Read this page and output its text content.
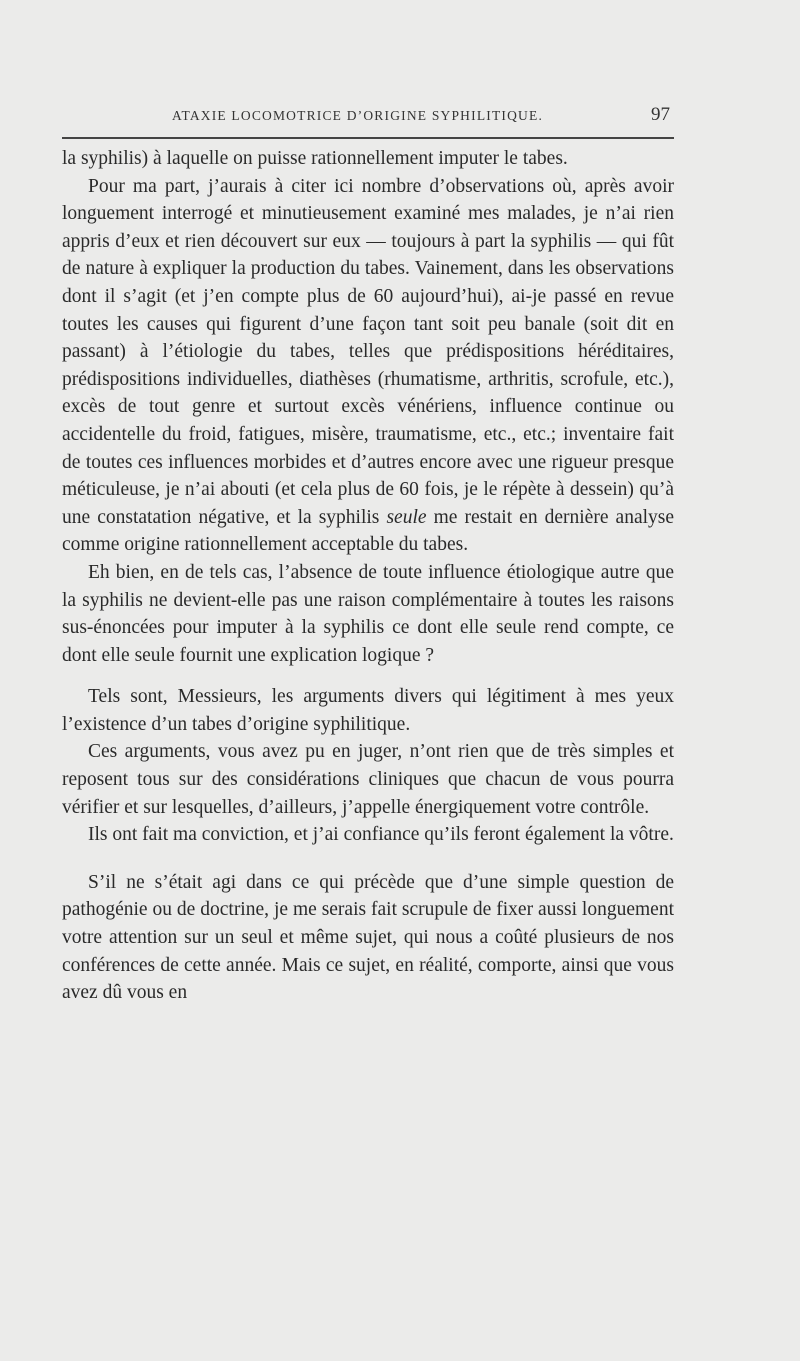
ATAXIE LOCOMOTRICE D’ORIGINE SYPHILITIQUE.	97

la syphilis) à laquelle on puisse rationnellement imputer le tabes.

Pour ma part, j’aurais à citer ici nombre d’observations où, après avoir longuement interrogé et minutieusement examiné mes malades, je n’ai rien appris d’eux et rien découvert sur eux — toujours à part la syphilis — qui fût de nature à expliquer la production du tabes. Vainement, dans les observations dont il s’agit (et j’en compte plus de 60 aujourd’hui), ai-je passé en revue toutes les causes qui figurent d’une façon tant soit peu banale (soit dit en passant) à l’étiologie du tabes, telles que prédispositions héréditaires, prédispositions individuelles, diathèses (rhumatisme, arthritis, scrofule, etc.), excès de tout genre et surtout excès vénériens, influence continue ou accidentelle du froid, fatigues, misère, traumatisme, etc., etc.; inventaire fait de toutes ces influences morbides et d’autres encore avec une rigueur presque méticuleuse, je n’ai abouti (et cela plus de 60 fois, je le répète à dessein) qu’à une constatation négative, et la syphilis seule me restait en dernière analyse comme origine rationnellement acceptable du tabes.

Eh bien, en de tels cas, l’absence de toute influence étiologique autre que la syphilis ne devient-elle pas une raison complémentaire à toutes les raisons sus-énoncées pour imputer à la syphilis ce dont elle seule rend compte, ce dont elle seule fournit une explication logique ?

Tels sont, Messieurs, les arguments divers qui légitiment à mes yeux l’existence d’un tabes d’origine syphilitique.

Ces arguments, vous avez pu en juger, n’ont rien que de très simples et reposent tous sur des considérations cliniques que chacun de vous pourra vérifier et sur lesquelles, d’ailleurs, j’appelle énergiquement votre contrôle.

Ils ont fait ma conviction, et j’ai confiance qu’ils feront également la vôtre.

S’il ne s’était agi dans ce qui précède que d’une simple question de pathogénie ou de doctrine, je me serais fait scrupule de fixer aussi longuement votre attention sur un seul et même sujet, qui nous a coûté plusieurs de nos conférences de cette année. Mais ce sujet, en réalité, comporte, ainsi que vous avez dû vous en
